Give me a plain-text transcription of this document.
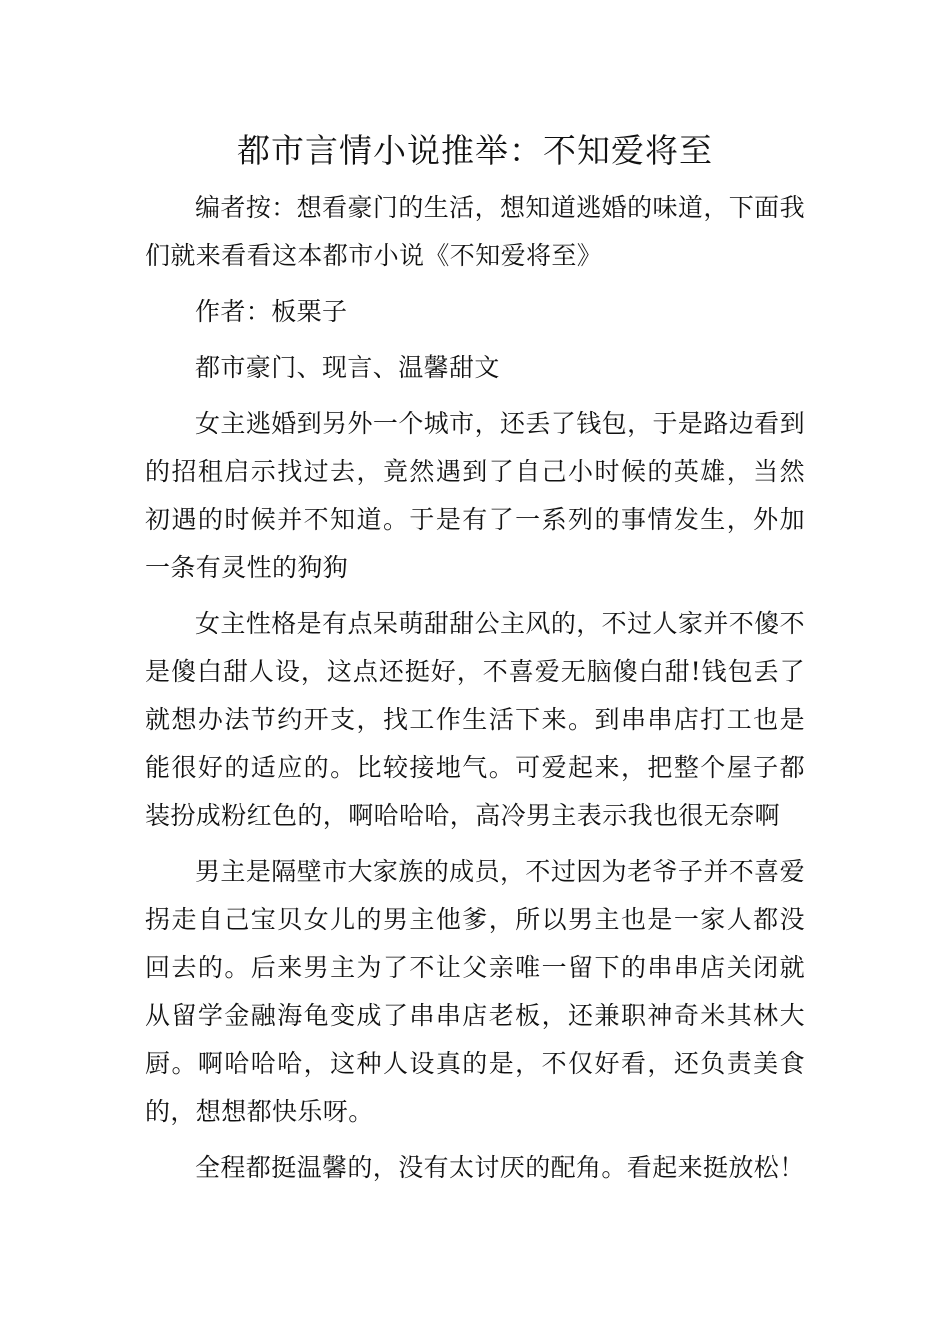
都市言情小说推举：不知爱将至

编者按：想看豪门的生活，想知道逃婚的味道，下面我们就来看看这本都市小说《不知爱将至》

作者：板栗子

都市豪门、现言、温馨甜文

女主逃婚到另外一个城市，还丢了钱包，于是路边看到的招租启示找过去，竟然遇到了自己小时候的英雄，当然初遇的时候并不知道。于是有了一系列的事情发生，外加一条有灵性的狗狗

女主性格是有点呆萌甜甜公主风的，不过人家并不傻不是傻白甜人设，这点还挺好，不喜爱无脑傻白甜!钱包丢了就想办法节约开支，找工作生活下来。到串串店打工也是能很好的适应的。比较接地气。可爱起来，把整个屋子都装扮成粉红色的，啊哈哈哈，高冷男主表示我也很无奈啊

男主是隔壁市大家族的成员，不过因为老爷子并不喜爱拐走自己宝贝女儿的男主他爹，所以男主也是一家人都没回去的。后来男主为了不让父亲唯一留下的串串店关闭就从留学金融海龟变成了串串店老板，还兼职神奇米其林大厨。啊哈哈哈，这种人设真的是，不仅好看，还负责美食的，想想都快乐呀。

全程都挺温馨的，没有太讨厌的配角。看起来挺放松！
